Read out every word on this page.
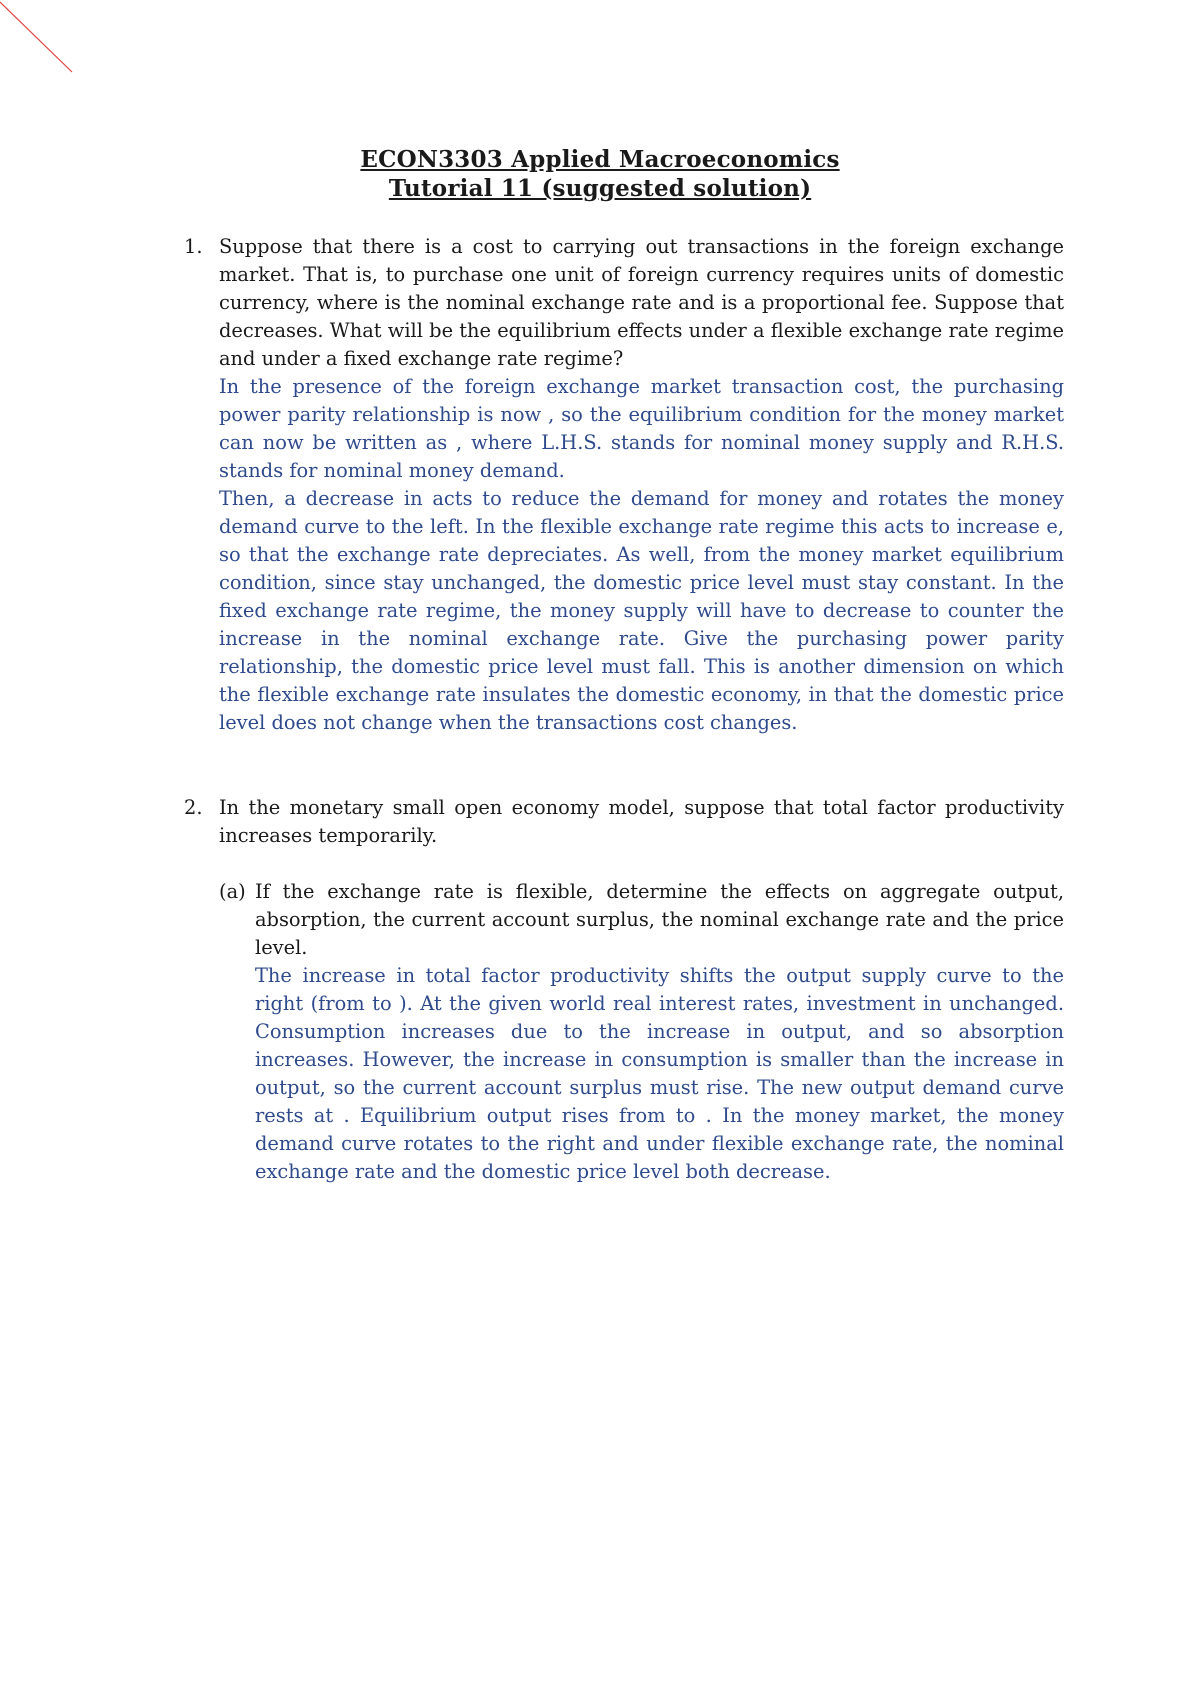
ECON3303 Applied Macroeconomics
Tutorial 11 (suggested solution)
1. Suppose that there is a cost to carrying out transactions in the foreign exchange market. That is, to purchase one unit of foreign currency requires units of domestic currency, where is the nominal exchange rate and is a proportional fee. Suppose that decreases. What will be the equilibrium effects under a flexible exchange rate regime and under a fixed exchange rate regime?
In the presence of the foreign exchange market transaction cost, the purchasing power parity relationship is now , so the equilibrium condition for the money market can now be written as , where L.H.S. stands for nominal money supply and R.H.S. stands for nominal money demand.
Then, a decrease in acts to reduce the demand for money and rotates the money demand curve to the left. In the flexible exchange rate regime this acts to increase e, so that the exchange rate depreciates. As well, from the money market equilibrium condition, since stay unchanged, the domestic price level must stay constant. In the fixed exchange rate regime, the money supply will have to decrease to counter the increase in the nominal exchange rate. Give the purchasing power parity relationship, the domestic price level must fall. This is another dimension on which the flexible exchange rate insulates the domestic economy, in that the domestic price level does not change when the transactions cost changes.
2. In the monetary small open economy model, suppose that total factor productivity increases temporarily.
(a) If the exchange rate is flexible, determine the effects on aggregate output, absorption, the current account surplus, the nominal exchange rate and the price level.
The increase in total factor productivity shifts the output supply curve to the right (from to ). At the given world real interest rates, investment in unchanged. Consumption increases due to the increase in output, and so absorption increases. However, the increase in consumption is smaller than the increase in output, so the current account surplus must rise. The new output demand curve rests at . Equilibrium output rises from to . In the money market, the money demand curve rotates to the right and under flexible exchange rate, the nominal exchange rate and the domestic price level both decrease.
